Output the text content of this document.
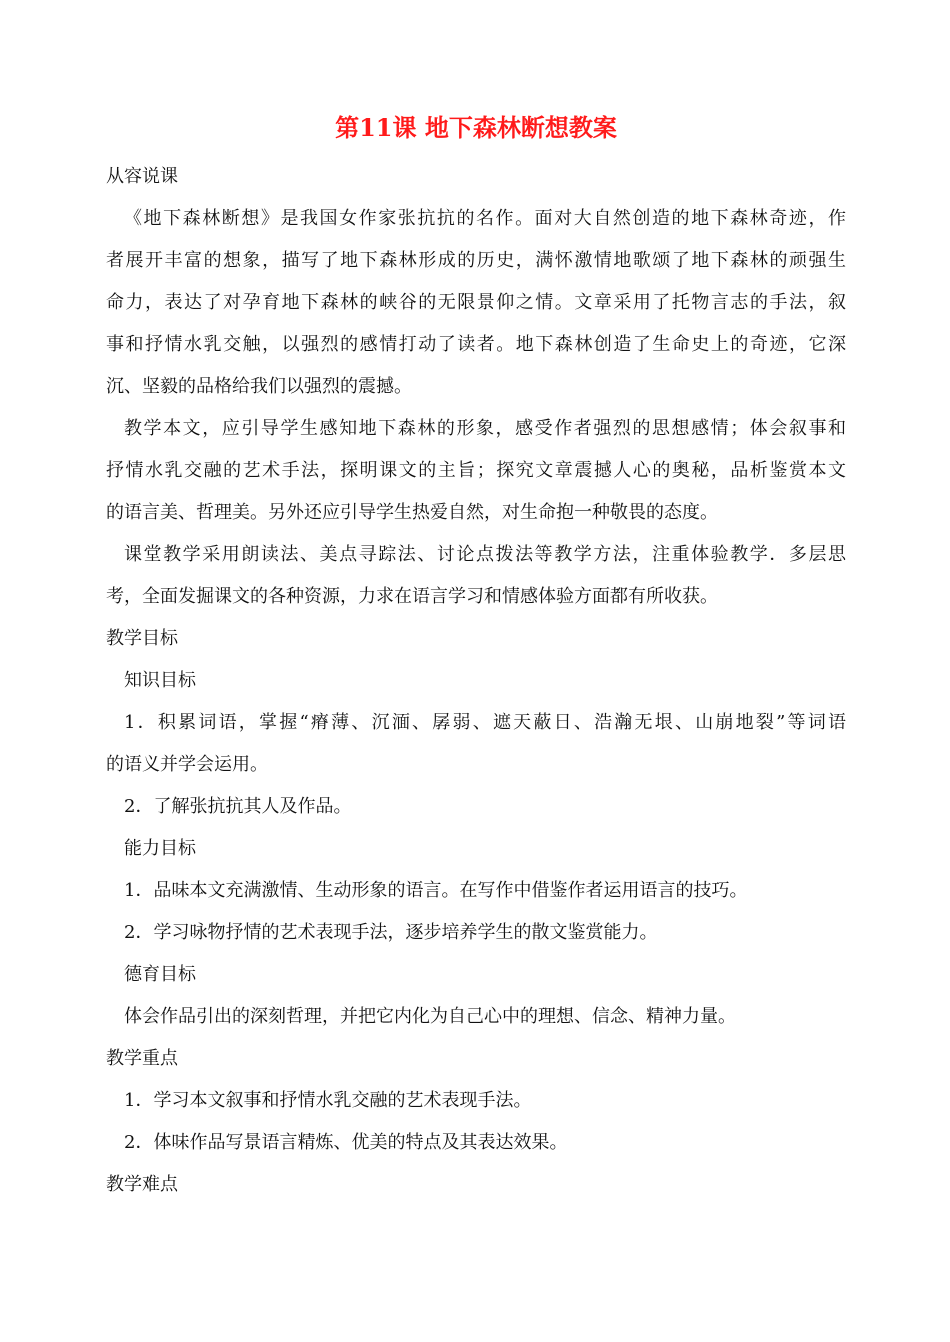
第11课 地下森林断想教案

从容说课

《地下森林断想》是我国女作家张抗抗的名作。面对大自然创造的地下森林奇迹，作

者展开丰富的想象，描写了地下森林形成的历史，满怀激情地歌颂了地下森林的顽强生

命力，表达了对孕育地下森林的峡谷的无限景仰之情。文章采用了托物言志的手法，叙

事和抒情水乳交触，以强烈的感情打动了读者。地下森林创造了生命史上的奇迹，它深

沉、坚毅的品格给我们以强烈的震撼。

教学本文，应引导学生感知地下森林的形象，感受作者强烈的思想感情；体会叙事和

抒情水乳交融的艺术手法，探明课文的主旨；探究文章震撼人心的奥秘，品析鉴赏本文

的语言美、哲理美。另外还应引导学生热爱自然，对生命抱一种敬畏的态度。

课堂教学采用朗读法、美点寻踪法、讨论点拨法等教学方法，注重体验教学．多层思

考，全面发掘课文的各种资源，力求在语言学习和情感体验方面都有所收获。

教学目标

知识目标

1．积累词语，掌握“瘠薄、沉湎、孱弱、遮天蔽日、浩瀚无垠、山崩地裂”等词语

的语义并学会运用。

2．了解张抗抗其人及作品。

能力目标

1．品味本文充满激情、生动形象的语言。在写作中借鉴作者运用语言的技巧。

2．学习咏物抒情的艺术表现手法，逐步培养学生的散文鉴赏能力。

德育目标

体会作品引出的深刻哲理，并把它内化为自己心中的理想、信念、精神力量。

教学重点

1．学习本文叙事和抒情水乳交融的艺术表现手法。

2．体味作品写景语言精炼、优美的特点及其表达效果。

教学难点
